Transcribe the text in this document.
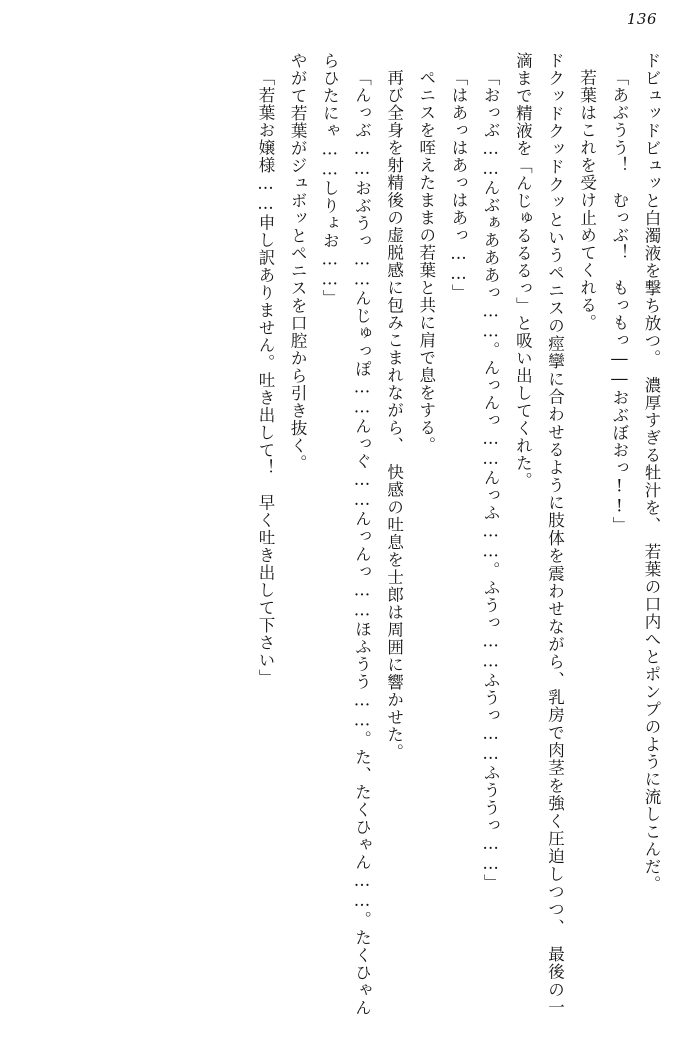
136

ドビュッドビュッと白濁液を撃ち放つ。　濃厚すぎる牡汁を、　若葉の口内へとポンプのように流しこんだ。

「あぶうう！　むっぶ！　もっもっ――おぶぼおっ!!」

若葉はこれを受け止めてくれる。

ドクッドクッドクッというペニスの痙攣に合わせるように肢体を震わせながら、乳房で肉茎を強く圧迫しつつ、　最後の一滴まで精液を「んじゅるるるっ」と吸い出してくれた。

「おっぶ……んぶぁあああっ……。んっんっ……んっふ……。ふうっ……ふうっ……ふううっ……」

「はあっはあっはあっ……」

ペニスを咥えたままの若葉と共に肩で息をする。

再び全身を射精後の虚脱感に包みこまれながら、　快感の吐息を士郎は周囲に響かせた。

「んっぶ……おぶうっ……んじゅっぽ……んっぐ……んっんっ……ほふうう……。た、たくひゃん……。たくひゃんらひたにゃ……しりょお……」

やがて若葉がジュボッとペニスを口腔から引き抜く。

「若葉お嬢様……申し訳ありません。吐き出して！　早く吐き出して下さい」
